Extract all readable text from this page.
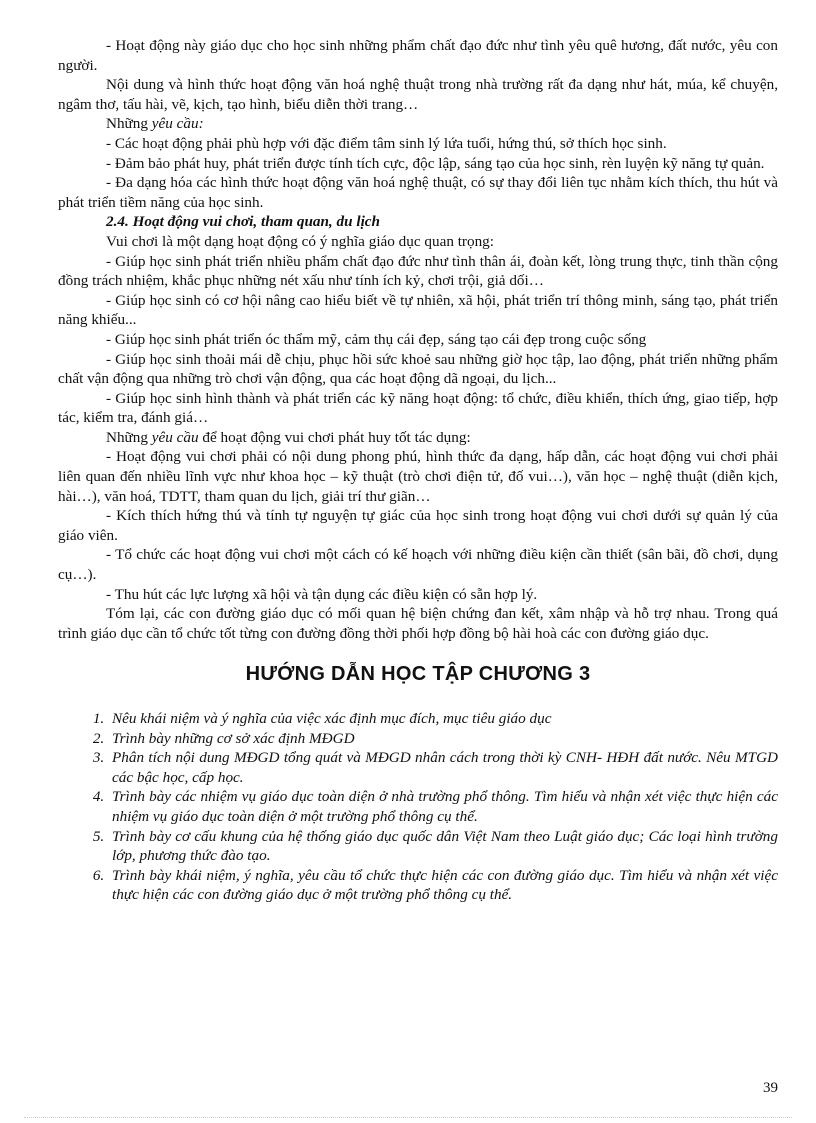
- Hoạt động này giáo dục cho học sinh những phẩm chất đạo đức như tình yêu quê hương, đất nước, yêu con người.

Nội dung và hình thức hoạt động văn hoá nghệ thuật trong nhà trường rất đa dạng như hát, múa, kể chuyện, ngâm thơ, tấu hài, vẽ, kịch, tạo hình, biểu diễn thời trang…

Những yêu cầu:

- Các hoạt động phải phù hợp với đặc điểm tâm sinh lý lứa tuổi, hứng thú, sở thích học sinh.

- Đảm bảo phát huy, phát triển được tính tích cực, độc lập, sáng tạo của học sinh, rèn luyện kỹ năng tự quản.

- Đa dạng hóa các hình thức hoạt động văn hoá nghệ thuật, có sự thay đổi liên tục nhằm kích thích, thu hút và phát triển tiềm năng của học sinh.

2.4. Hoạt động vui chơi, tham quan, du lịch

Vui chơi là một dạng hoạt động có ý nghĩa giáo dục quan trọng:

- Giúp học sinh phát triển nhiều phẩm chất đạo đức như tình thân ái, đoàn kết, lòng trung thực, tinh thần cộng đồng trách nhiệm, khắc phục những nét xấu như tính ích kỷ, chơi trội, giả dối…

- Giúp học sinh có cơ hội nâng cao hiểu biết về tự nhiên, xã hội, phát triển trí thông minh, sáng tạo, phát triển năng khiếu...

- Giúp học sinh phát triển óc thẩm mỹ, cảm thụ cái đẹp, sáng tạo cái đẹp trong cuộc sống

- Giúp học sinh thoải mái dễ chịu, phục hồi sức khoẻ sau những giờ học tập, lao động, phát triển những phẩm chất vận động qua những trò chơi vận động, qua các hoạt động dã ngoại, du lịch...

- Giúp học sinh hình thành và phát triển các kỹ năng hoạt động: tổ chức, điều khiển, thích ứng, giao tiếp, hợp tác, kiểm tra, đánh giá…

Những yêu cầu để hoạt động vui chơi phát huy tốt tác dụng:

- Hoạt động vui chơi phải có nội dung phong phú, hình thức đa dạng, hấp dẫn, các hoạt động vui chơi phải liên quan đến nhiều lĩnh vực như khoa học – kỹ thuật (trò chơi điện tử, đố vui…), văn học – nghệ thuật (diễn kịch, hài…), văn hoá, TDTT, tham quan du lịch, giải trí thư giãn…

- Kích thích hứng thú và tính tự nguyện tự giác của học sinh trong hoạt động vui chơi dưới sự quản lý của giáo viên.

- Tổ chức các hoạt động vui chơi một cách có kế hoạch với những điều kiện cần thiết (sân bãi, đồ chơi, dụng cụ…).

- Thu hút các lực lượng xã hội và tận dụng các điều kiện có sẵn hợp lý.

Tóm lại, các con đường giáo dục có mối quan hệ biện chứng đan kết, xâm nhập và hỗ trợ nhau. Trong quá trình giáo dục cần tổ chức tốt từng con đường đồng thời phối hợp đồng bộ hài hoà các con đường giáo dục.

HƯỚNG DẪN HỌC TẬP CHƯƠNG 3
1. Nêu khái niệm và ý nghĩa của việc xác định mục đích, mục tiêu giáo dục
2. Trình bày những cơ sở xác định MĐGD
3. Phân tích nội dung MĐGD tổng quát và MĐGD nhân cách trong thời kỳ CNH- HĐH đất nước. Nêu MTGD các bậc học, cấp học.
4. Trình bày các nhiệm vụ giáo dục toàn diện ở nhà trường phổ thông. Tìm hiểu và nhận xét việc thực hiện các nhiệm vụ giáo dục toàn diện ở một trường phổ thông cụ thể.
5. Trình bày cơ cấu khung của hệ thống giáo dục quốc dân Việt Nam theo Luật giáo dục; Các loại hình trường lớp, phương thức đào tạo.
6. Trình bày khái niệm, ý nghĩa, yêu cầu tổ chức thực hiện các con đường giáo dục. Tìm hiểu và nhận xét việc thực hiện các con đường giáo dục ở một trường phổ thông cụ thể.
39
